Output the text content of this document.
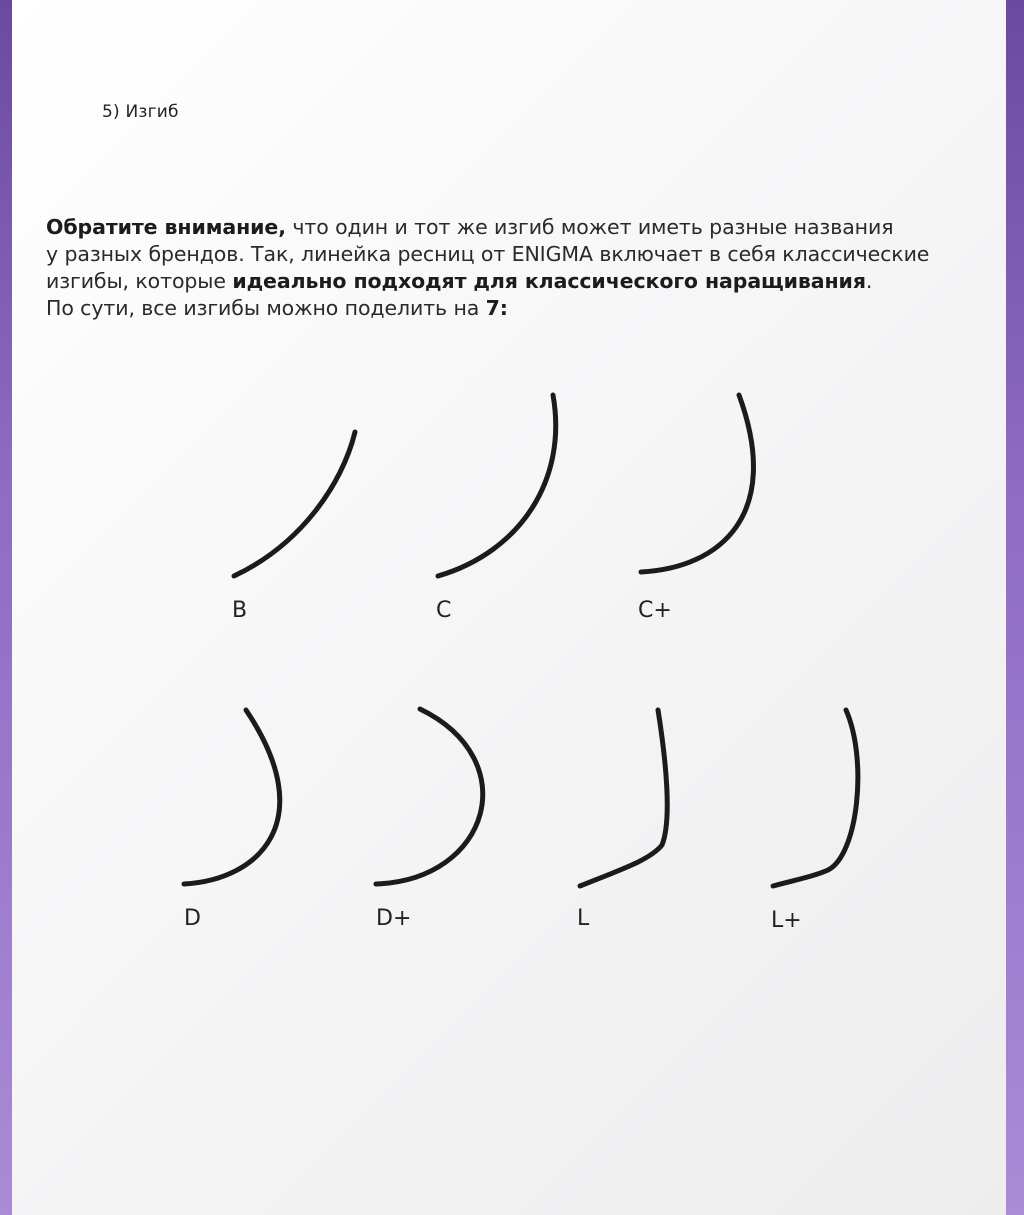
5) Изгиб
Обратите внимание, что один и тот же изгиб может иметь разные названия
у разных брендов. Так, линейка ресниц от ENIGMA включает в себя классические
изгибы, которые идеально подходят для классического наращивания.
По сути, все изгибы можно поделить на 7:
B	C	C+
D	D+	L	L+
